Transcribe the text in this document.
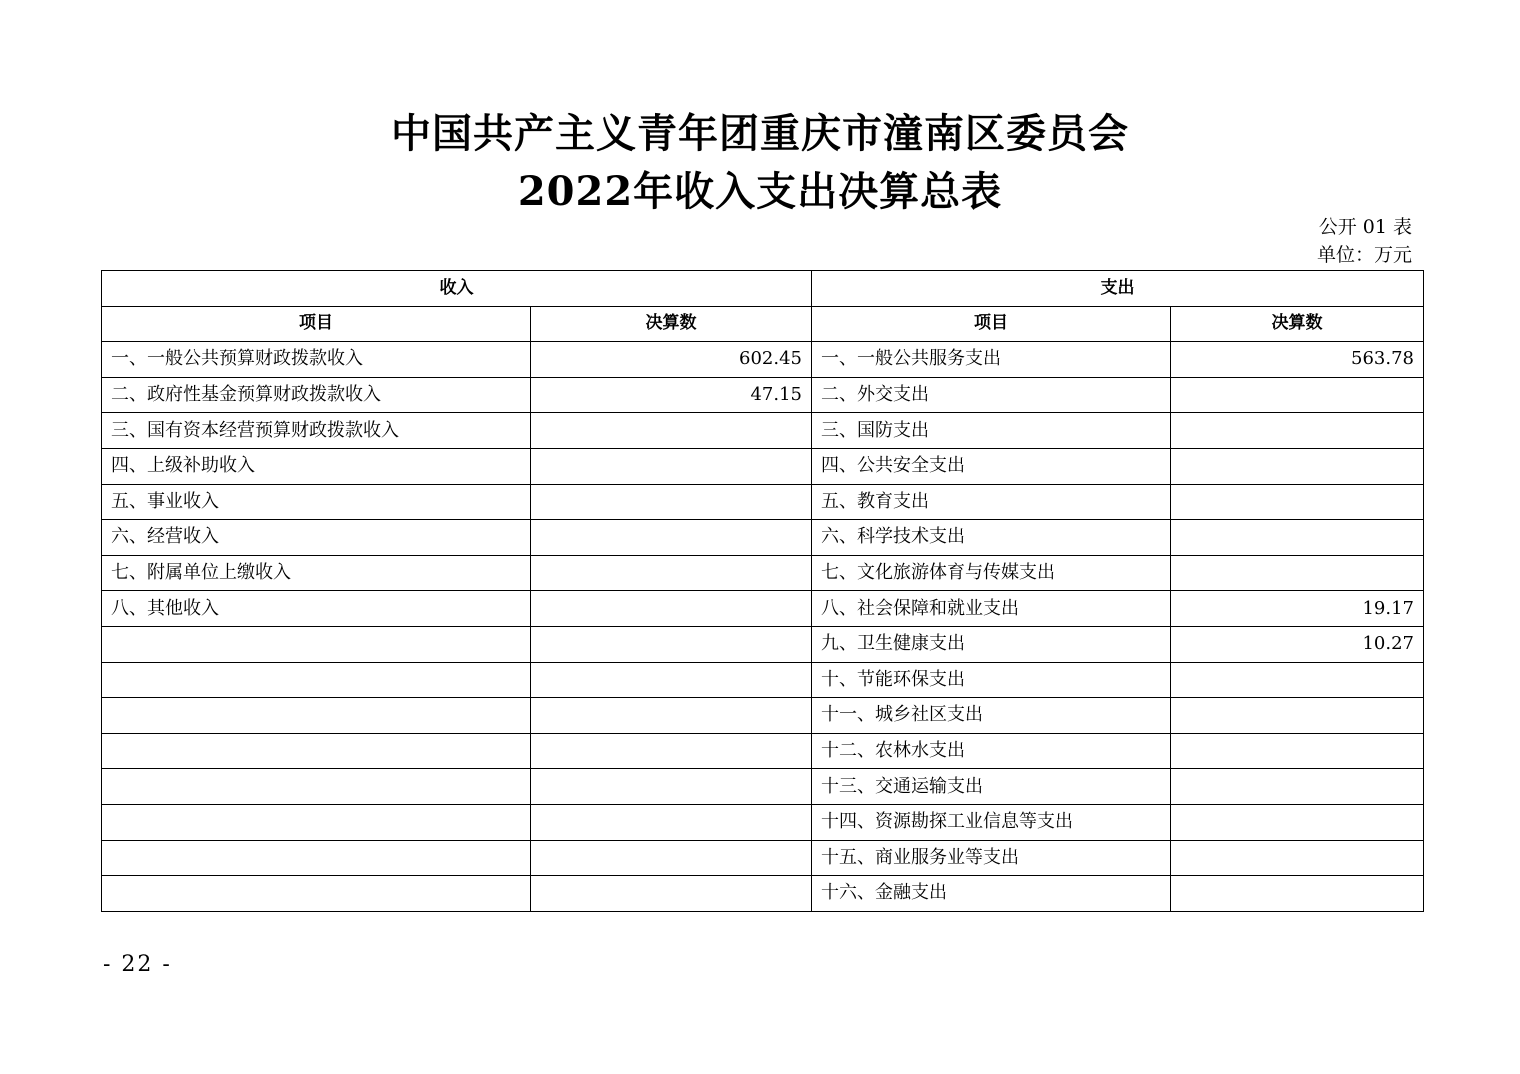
中国共产主义青年团重庆市潼南区委员会
2022年收入支出决算总表
公开 01 表
单位：万元
收入		支出	
项目	决算数	项目	决算数
一、一般公共预算财政拨款收入	602.45	一、一般公共服务支出	563.78
二、政府性基金预算财政拨款收入	47.15	二、外交支出	
三、国有资本经营预算财政拨款收入		三、国防支出	
四、上级补助收入		四、公共安全支出	
五、事业收入		五、教育支出	
六、经营收入		六、科学技术支出	
七、附属单位上缴收入		七、文化旅游体育与传媒支出	
八、其他收入		八、社会保障和就业支出	19.17
		九、卫生健康支出	10.27
		十、节能环保支出	
		十一、城乡社区支出	
		十二、农林水支出	
		十三、交通运输支出	
		十四、资源勘探工业信息等支出	
		十五、商业服务业等支出	
		十六、金融支出	
- 22 -
